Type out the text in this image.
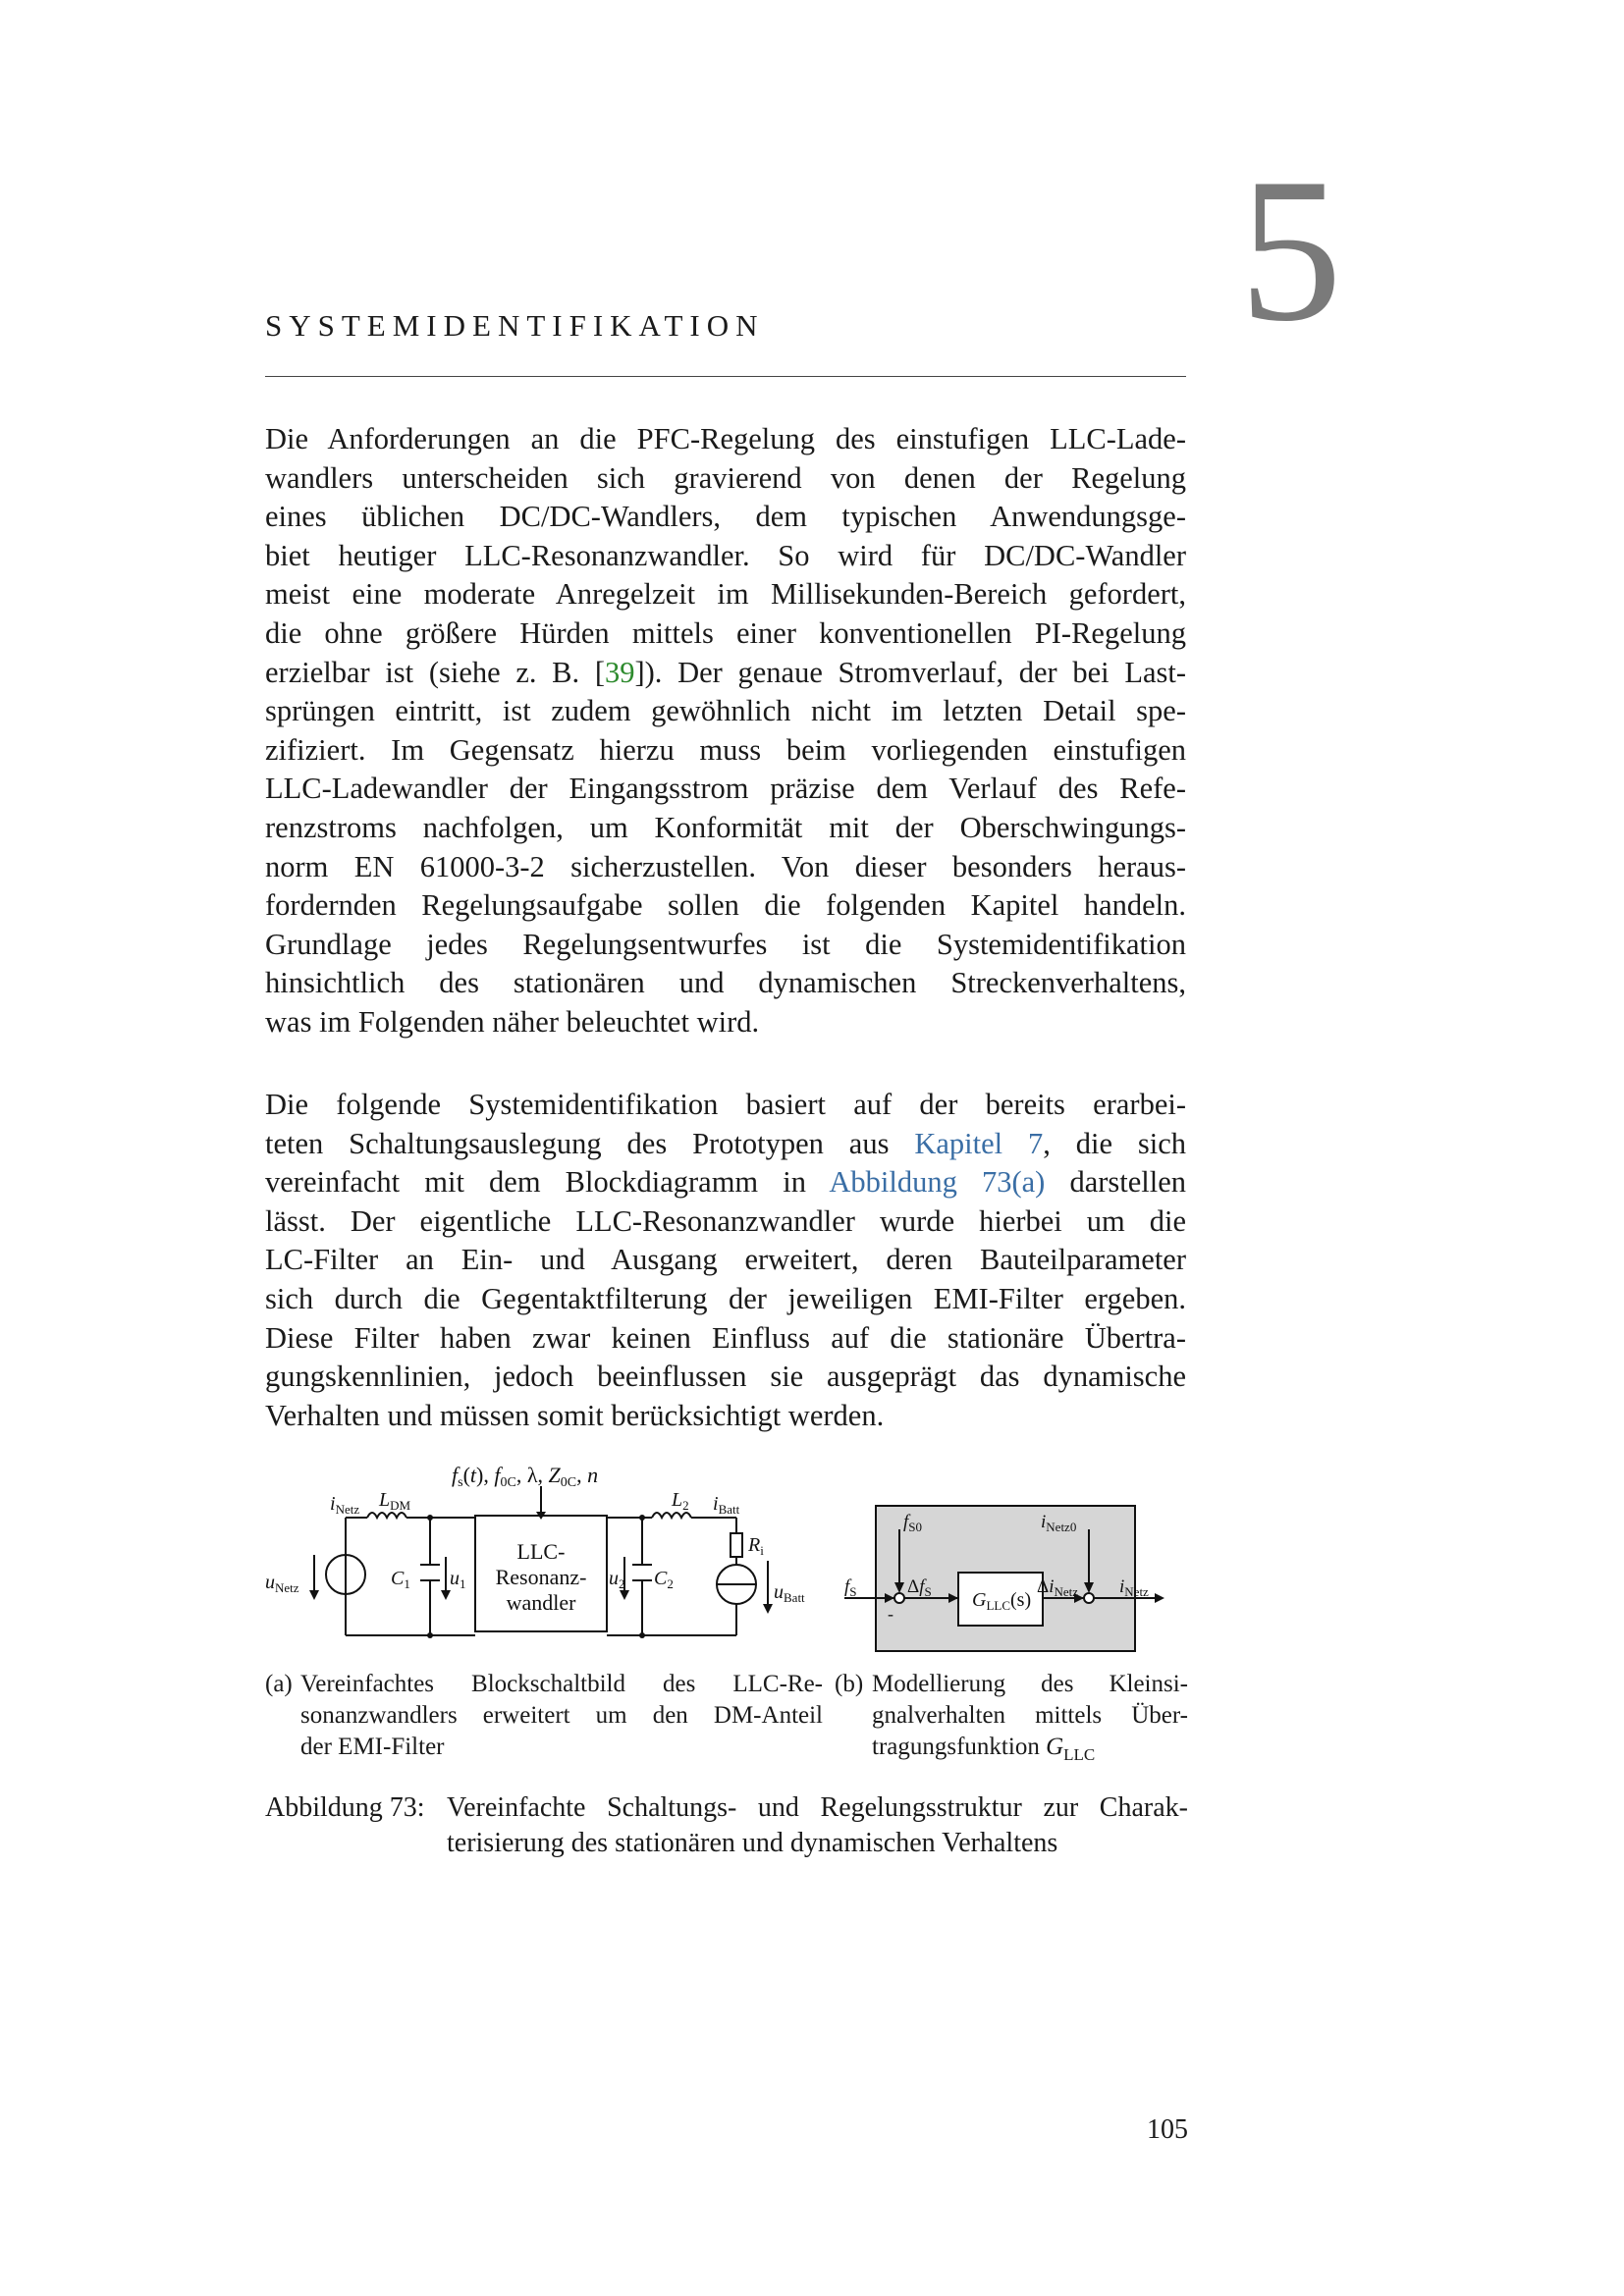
5
SYSTEMIDENTIFIKATION
Die Anforderungen an die PFC-Regelung des einstufigen LLC-Lade-
wandlers unterscheiden sich gravierend von denen der Regelung
eines üblichen DC/DC-Wandlers, dem typischen Anwendungsge-
biet heutiger LLC-Resonanzwandler. So wird für DC/DC-Wandler
meist eine moderate Anregelzeit im Millisekunden-Bereich gefordert,
die ohne größere Hürden mittels einer konventionellen PI-Regelung
erzielbar ist (siehe z. B. [39]). Der genaue Stromverlauf, der bei Last-
sprüngen eintritt, ist zudem gewöhnlich nicht im letzten Detail spe-
zifiziert. Im Gegensatz hierzu muss beim vorliegenden einstufigen
LLC-Ladewandler der Eingangsstrom präzise dem Verlauf des Refe-
renzstroms nachfolgen, um Konformität mit der Oberschwingungs-
norm EN 61000-3-2 sicherzustellen. Von dieser besonders heraus-
fordernden Regelungsaufgabe sollen die folgenden Kapitel handeln.
Grundlage jedes Regelungsentwurfes ist die Systemidentifikation
hinsichtlich des stationären und dynamischen Streckenverhaltens,
was im Folgenden näher beleuchtet wird.
Die folgende Systemidentifikation basiert auf der bereits erarbei-
teten Schaltungsauslegung des Prototypen aus Kapitel 7, die sich
vereinfacht mit dem Blockdiagramm in Abbildung 73(a) darstellen
lässt. Der eigentliche LLC-Resonanzwandler wurde hierbei um die
LC-Filter an Ein- und Ausgang erweitert, deren Bauteilparameter
sich durch die Gegentaktfilterung der jeweiligen EMI-Filter ergeben.
Diese Filter haben zwar keinen Einfluss auf die stationäre Übertra-
gungskennlinien, jedoch beeinflussen sie ausgeprägt das dynamische
Verhalten und müssen somit berücksichtigt werden.
fs(t), f0C, λ, Z0C, n
LLC-
Resonanz-
wandler
$i_{Netz}$ $L_{DM}$
$u_{Netz}$	$C_1$ $u_1$	$u_2$ $C_2$
$L_2$ $i_{Batt}$
$R_i$
$u_{Batt}$
$f_S$
-
$f_{S0}$
$\Delta f_S$ $G_{LLC}(s)$
$i_{Netz0}$
$\Delta i_{Netz}$ $i_{Netz}$
(a) Vereinfachtes Blockschaltbild des LLC-Re-
sonanzwandlers erweitert um den DM-Anteil
der EMI-Filter
(b) Modellierung des Kleinsi-
gnalverhalten mittels Über-
tragungsfunktion $G_{LLC}$
Abbildung 73: Vereinfachte Schaltungs- und Regelungsstruktur zur Charak-
terisierung des stationären und dynamischen Verhaltens
105
